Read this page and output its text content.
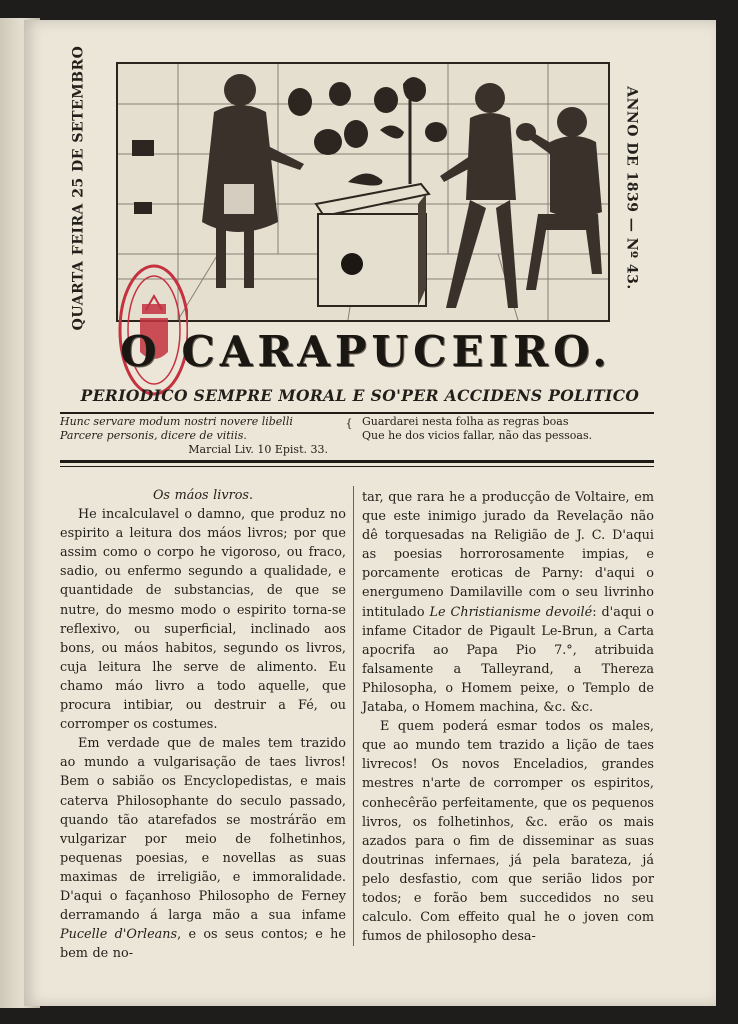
QUARTA FEIRA 25 DE SETEMBRO	ANNO DE 1839 — Nº 43.
O CARAPUCEIRO.
PERIODICO SEMPRE MORAL E SO'PER ACCIDENS POLITICO
Hunc servare modum nostri novere libelli
Parcere personis, dicere de vitiis.
Marcial Liv. 10 Epist. 33.
{ Guardarei nesta folha as regras boas
Que he dos vicios fallar, não das pessoas.
Os máos livros.

He incalculavel o damno, que produz no espirito a leitura dos máos livros; por que assim como o corpo he vigoroso, ou fraco, sadio, ou enfermo segundo a qualidade, e quantidade de substancias, de que se nutre, do mesmo modo o espirito torna-se reflexivo, ou superficial, inclinado aos bons, ou máos habitos, segundo os livros, cuja leitura lhe serve de alimento. Eu chamo máo livro a todo aquelle, que procura intibiar, ou destruir a Fé, ou corromper os costumes.

Em verdade que de males tem trazido ao mundo a vulgarisação de taes livros! Bem o sabião os Encyclopedistas, e mais caterva Philosophante do seculo passado, quando tão atarefados se mostrárão em vulgarizar por meio de folhetinhos, pequenas poesias, e novellas as suas maximas de irreligião, e immoralidade. D'aqui o façanhoso Philosopho de Ferney derramando á larga mão a sua infame Pucelle d'Orleans, e os seus contos; e he bem de no-

tar, que rara he a producção de Voltaire, em que este inimigo jurado da Revelação não dê torquesadas na Religião de J. C. D'aqui as poesias horrorosamente impias, e porcamente eroticas de Parny: d'aqui o energumeno Damilaville com o seu livrinho intitulado Le Christianisme devoilé: d'aqui o infame Citador de Pigault Le-Brun, a Carta apocrifa ao Papa Pio 7.°, atribuida falsamente a Talleyrand, a Thereza Philosopha, o Homem peixe, o Templo de Jataba, o Homem machina, &c. &c.

E quem poderá esmar todos os males, que ao mundo tem trazido a lição de taes livrecos! Os novos Enceladios, grandes mestres n'arte de corromper os espiritos, conhecêrão perfeitamente, que os pequenos livros, os folhetinhos, &c. erão os mais azados para o fim de disseminar as suas doutrinas infernaes, já pela barateza, já pelo desfastio, com que serião lidos por todos; e forão bem succedidos no seu calculo. Com effeito qual he o joven com fumos de philosopho desa-
